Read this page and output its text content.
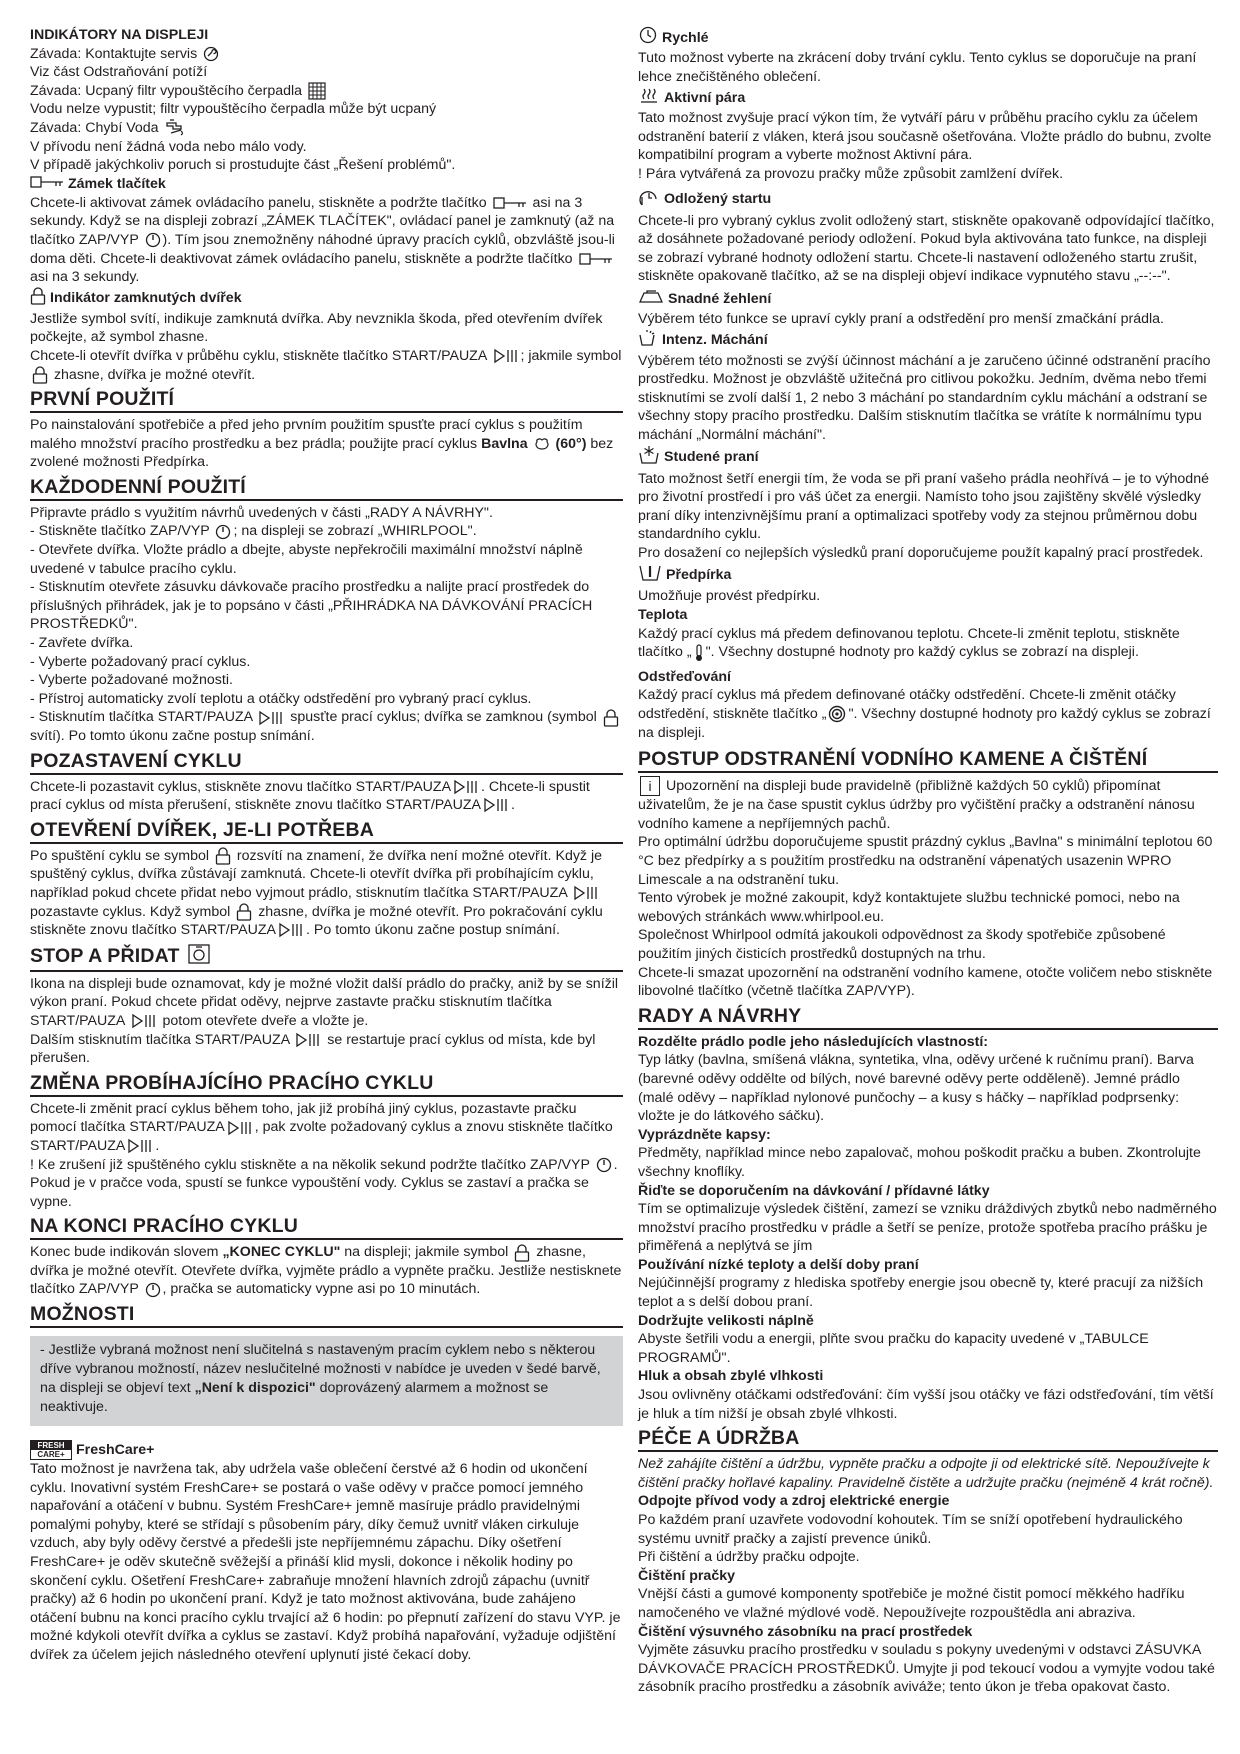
INDIKÁTORY NA DISPLEJI

Závada: Kontaktujte servis

Viz část Odstraňování potíží

Závada: Ucpaný filtr vypouštěcího čerpadla

Vodu nelze vypustit; filtr vypouštěcího čerpadla může být ucpaný

Závada: Chybí Voda

V přívodu není žádná voda nebo málo vody.

V případě jakýchkoliv poruch si prostudujte část „Řešení problémů".

Zámek tlačítek

Chcete-li aktivovat zámek ovládacího panelu, stiskněte a podržte tlačítko	asi na 3 sekundy. Když se na displeji zobrazí „ZÁMEK TLAČÍTEK", ovládací panel je zamknutý (až na tlačítko ZAP/VYP ). Tím jsou znemožněny náhodné úpravy pracích cyklů, obzvláště jsou-li doma děti. Chcete-li deaktivovat zámek ovládacího panelu, stiskněte a podržte tlačítko
asi na 3 sekundy.

Indikátor zamknutých dvířek

Jestliže symbol svítí, indikuje zamknutá dvířka. Aby nevznikla škoda, před otevřením dvířek počkejte, až symbol zhasne.

Chcete-li otevřít dvířka v průběhu cyklu, stiskněte tlačítko START/PAUZA ; jakmile symbol
zhasne, dvířka je možné otevřít.

PRVNÍ POUŽITÍ

Po nainstalování spotřebiče a před jeho prvním použitím spusťte prací cyklus s použitím malého množství pracího prostředku a bez prádla; použijte prací cyklus Bavlna (60°) bez zvolené možnosti Předpírka.

KAŽDODENNÍ POUŽITÍ

Připravte prádlo s využitím návrhů uvedených v části „RADY A NÁVRHY".

- Stiskněte tlačítko ZAP/VYP ; na displeji se zobrazí „WHIRLPOOL".

- Otevřete dvířka. Vložte prádlo a dbejte, abyste nepřekročili maximální množství náplně uvedené v tabulce pracího cyklu.

- Stisknutím otevřete zásuvku dávkovače pracího prostředku a nalijte prací prostředek do příslušných přihrádek, jak je to popsáno v části „PŘIHRÁDKA NA DÁVKOVÁNÍ PRACÍCH PROSTŘEDKŮ".

- Zavřete dvířka.

- Vyberte požadovaný prací cyklus.

- Vyberte požadované možnosti.

- Přístroj automaticky zvolí teplotu a otáčky odstředění pro vybraný prací cyklus.

- Stisknutím tlačítka START/PAUZA	spusťte prací cyklus; dvířka se zamknou (symbol
svítí). Po tomto úkonu začne postup snímání.

POZASTAVENÍ CYKLU

Chcete-li pozastavit cyklus, stiskněte znovu tlačítko START/PAUZA . Chcete-li spustit prací cyklus od místa přerušení, stiskněte znovu tlačítko START/PAUZA .

OTEVŘENÍ DVÍŘEK, JE-LI POTŘEBA

Po spuštění cyklu se symbol rozsvítí na znamení, že dvířka není možné otevřít. Když je spuštěný cyklus, dvířka zůstávají zamknutá. Chcete-li otevřít dvířka při probíhajícím cyklu, například pokud chcete přidat nebo vyjmout prádlo, stisknutím tlačítka START/PAUZA
pozastavte cyklus. Když symbol zhasne, dvířka je možné otevřít. Pro pokračování cyklu stiskněte znovu tlačítko START/PAUZA . Po tomto úkonu začne postup snímání.

STOP A PŘIDAT

Ikona na displeji bude oznamovat, kdy je možné vložit další prádlo do pračky, aniž by se snížil výkon praní. Pokud chcete přidat oděvy, nejprve zastavte pračku stisknutím tlačítka START/PAUZA	potom otevřete dveře a vložte je.

Dalším stisknutím tlačítka START/PAUZA	se restartuje prací cyklus od místa, kde byl přerušen.

ZMĚNA PROBÍHAJÍCÍHO PRACÍHO CYKLU

Chcete-li změnit prací cyklus během toho, jak již probíhá jiný cyklus, pozastavte pračku pomocí tlačítka START/PAUZA , pak zvolte požadovaný cyklus a znovu stiskněte tlačítko START/PAUZA .

! Ke zrušení již spuštěného cyklu stiskněte a na několik sekund podržte tlačítko ZAP/VYP . Pokud je v pračce voda, spustí se funkce vypouštění vody. Cyklus se zastaví a pračka se vypne.

NA KONCI PRACÍHO CYKLU

Konec bude indikován slovem „KONEC CYKLU" na displeji; jakmile symbol zhasne, dvířka je možné otevřít. Otevřete dvířka, vyjměte prádlo a vypněte pračku. Jestliže nestisknete tlačítko ZAP/VYP , pračka se automaticky vypne asi po 10 minutách.

MOŽNOSTI
- Jestliže vybraná možnost není slučitelná s nastaveným pracím cyklem nebo s některou dříve vybranou možností, název neslučitelné možnosti v nabídce je uveden v šedé barvě, na displeji se objeví text „Není k dispozici" doprovázený alarmem a možnost se neaktivuje.
FRESH
CARE+ FreshCare+

Tato možnost je navržena tak, aby udržela vaše oblečení čerstvé až 6 hodin od ukončení cyklu. Inovativní systém FreshCare+ se postará o vaše oděvy v pračce pomocí jemného napařování a otáčení v bubnu. Systém FreshCare+ jemně masíruje prádlo pravidelnými pomalými pohyby, které se střídají s působením páry, díky čemuž uvnitř vláken cirkuluje vzduch, aby byly oděvy čerstvé a předešli jste nepříjemnému zápachu. Díky ošetření FreshCare+ je oděv skutečně svěžejší a přináší klid mysli, dokonce i několik hodiny po skončení cyklu. Ošetření FreshCare+ zabraňuje množení hlavních zdrojů zápachu (uvnitř pračky) až 6 hodin po ukončení praní. Když je tato možnost aktivována, bude zahájeno otáčení bubnu na konci pracího cyklu trvající až 6 hodin: po přepnutí zařízení do stavu VYP. je možné kdykoli otevřít dvířka a cyklus se zastaví. Když probíhá napařování, vyžaduje odjištění dvířek za účelem jejich následného otevření uplynutí jisté čekací doby.

Rychlé

Tuto možnost vyberte na zkrácení doby trvání cyklu. Tento cyklus se doporučuje na praní lehce znečištěného oblečení.

Aktivní pára

Tato možnost zvyšuje prací výkon tím, že vytváří páru v průběhu pracího cyklu za účelem odstranění baterií z vláken, která jsou současně ošetřována. Vložte prádlo do bubnu, zvolte kompatibilní program a vyberte možnost Aktivní pára.

! Pára vytvářená za provozu pračky může způsobit zamlžení dvířek.

Odložený startu

Chcete-li pro vybraný cyklus zvolit odložený start, stiskněte opakovaně odpovídající tlačítko, až dosáhnete požadované periody odložení. Pokud byla aktivována tato funkce, na displeji se zobrazí vybrané hodnoty odložení startu. Chcete-li nastavení odloženého startu zrušit, stiskněte opakovaně tlačítko, až se na displeji objeví indikace vypnutého stavu „--:--".

Snadné žehlení

Výběrem této funkce se upraví cykly praní a odstředění pro menší zmačkání prádla.

Intenz. Máchání

Výběrem této možnosti se zvýší účinnost máchání a je zaručeno účinné odstranění pracího prostředku. Možnost je obzvláště užitečná pro citlivou pokožku. Jedním, dvěma nebo třemi stisknutími se zvolí další 1, 2 nebo 3 máchání po standardním cyklu máchání a odstraní se všechny stopy pracího prostředku. Dalším stisknutím tlačítka se vrátíte k normálnímu typu máchání „Normální máchání".

Studené praní

Tato možnost šetří energii tím, že voda se při praní vašeho prádla neohřívá – je to výhodné pro životní prostředí i pro váš účet za energii. Namísto toho jsou zajištěny skvělé výsledky praní díky intenzivnějšímu praní a optimalizaci spotřeby vody za stejnou průměrnou dobu standardního cyklu.

Pro dosažení co nejlepších výsledků praní doporučujeme použít kapalný prací prostředek.

Předpírka

Umožňuje provést předpírku.

Teplota

Každý prací cyklus má předem definovanou teplotu. Chcete-li změnit teplotu, stiskněte tlačítko „ ". Všechny dostupné hodnoty pro každý cyklus se zobrazí na displeji.

Odstřeďování

Každý prací cyklus má předem definované otáčky odstředění. Chcete-li změnit otáčky odstředění, stiskněte tlačítko „ ". Všechny dostupné hodnoty pro každý cyklus se zobrazí na displeji.

POSTUP ODSTRANĚNÍ VODNÍHO KAMENE A ČIŠTĚNÍ

i Upozornění na displeji bude pravidelně (přibližně každých 50 cyklů) připomínat uživatelům, že je na čase spustit cyklus údržby pro vyčištění pračky a odstranění nánosu vodního kamene a nepříjemných pachů.

Pro optimální údržbu doporučujeme spustit prázdný cyklus „Bavlna" s minimální teplotou 60 °C bez předpírky a s použitím prostředku na odstranění vápenatých usazenin WPRO Limescale a na odstranění tuku.

Tento výrobek je možné zakoupit, když kontaktujete službu technické pomoci, nebo na webových stránkách www.whirlpool.eu.

Společnost Whirlpool odmítá jakoukoli odpovědnost za škody spotřebiče způsobené použitím jiných čisticích prostředků dostupných na trhu.

Chcete-li smazat upozornění na odstranění vodního kamene, otočte voličem nebo stiskněte libovolné tlačítko (včetně tlačítka ZAP/VYP).

RADY A NÁVRHY

Rozdělte prádlo podle jeho následujících vlastností:

Typ látky (bavlna, smíšená vlákna, syntetika, vlna, oděvy určené k ručnímu praní). Barva (barevné oděvy oddělte od bílých, nové barevné oděvy perte odděleně). Jemné prádlo (malé oděvy – například nylonové punčochy – a kusy s háčky – například podprsenky: vložte je do látkového sáčku).

Vyprázdněte kapsy:

Předměty, například mince nebo zapalovač, mohou poškodit pračku a buben. Zkontrolujte všechny knoflíky.

Řiďte se doporučením na dávkování / přídavné látky

Tím se optimalizuje výsledek čištění, zamezí se vzniku dráždivých zbytků nebo nadměrného množství pracího prostředku v prádle a šetří se peníze, protože spotřeba pracího prášku je přiměřená a neplýtvá se jím

Používání nízké teploty a delší doby praní

Nejúčinnější programy z hlediska spotřeby energie jsou obecně ty, které pracují za nižších teplot a s delší dobou praní.

Dodržujte velikosti náplně

Abyste šetřili vodu a energii, plňte svou pračku do kapacity uvedené v „TABULCE PROGRAMŮ".

Hluk a obsah zbylé vlhkosti

Jsou ovlivněny otáčkami odstřeďování: čím vyšší jsou otáčky ve fázi odstřeďování, tím větší je hluk a tím nižší je obsah zbylé vlhkosti.

PÉČE A ÚDRŽBA

Než zahájíte čištění a údržbu, vypněte pračku a odpojte ji od elektrické sítě. Nepoužívejte k čištění pračky hořlavé kapaliny. Pravidelně čistěte a udržujte pračku (nejméně 4 krát ročně).

Odpojte přívod vody a zdroj elektrické energie

Po každém praní uzavřete vodovodní kohoutek. Tím se sníží opotřebení hydraulického systému uvnitř pračky a zajistí prevence úniků.

Při čištění a údržby pračku odpojte.

Čištění pračky

Vnější části a gumové komponenty spotřebiče je možné čistit pomocí měkkého hadříku namočeného ve vlažné mýdlové vodě. Nepoužívejte rozpouštědla ani abraziva.

Čištění výsuvného zásobníku na prací prostředek

Vyjměte zásuvku pracího prostředku v souladu s pokyny uvedenými v odstavci ZÁSUVKA DÁVKOVAČE PRACÍCH PROSTŘEDKŮ. Umyjte ji pod tekoucí vodou a vymyjte vodou také zásobník pracího prostředku a zásobník aviváže; tento úkon je třeba opakovat často.
